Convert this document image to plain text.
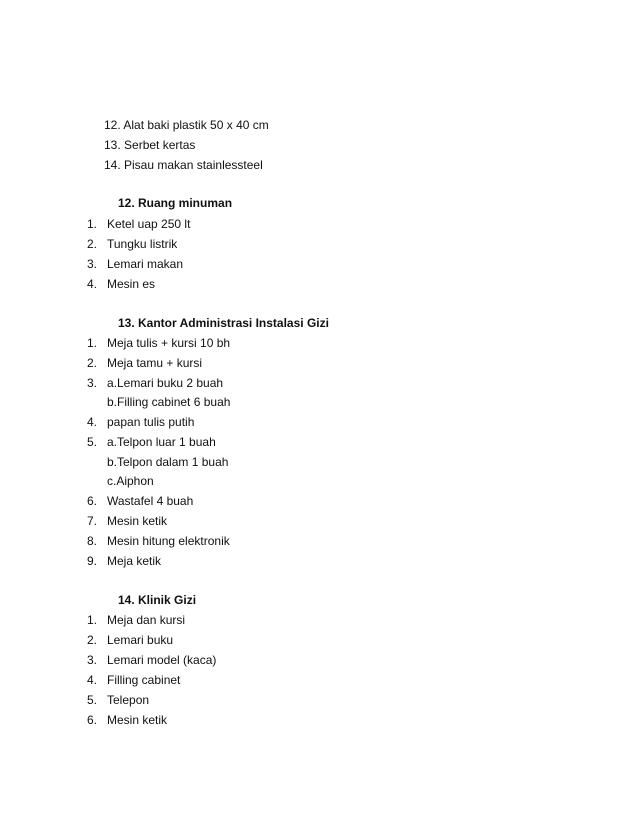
12. Alat baki plastik 50 x 40 cm
13. Serbet kertas
14. Pisau makan stainlessteel
12. Ruang minuman
1. Ketel uap 250 lt
2. Tungku listrik
3. Lemari makan
4. Mesin es
13. Kantor Administrasi Instalasi Gizi
1. Meja tulis + kursi 10 bh
2. Meja tamu + kursi
3. a.Lemari buku 2 buah
b.Filling cabinet 6 buah
4. papan tulis putih
5. a.Telpon luar 1 buah
b.Telpon dalam 1 buah
c.Aiphon
6. Wastafel 4 buah
7. Mesin ketik
8. Mesin hitung elektronik
9. Meja ketik
14. Klinik Gizi
1. Meja dan kursi
2. Lemari buku
3. Lemari model (kaca)
4. Filling cabinet
5. Telepon
6. Mesin ketik
